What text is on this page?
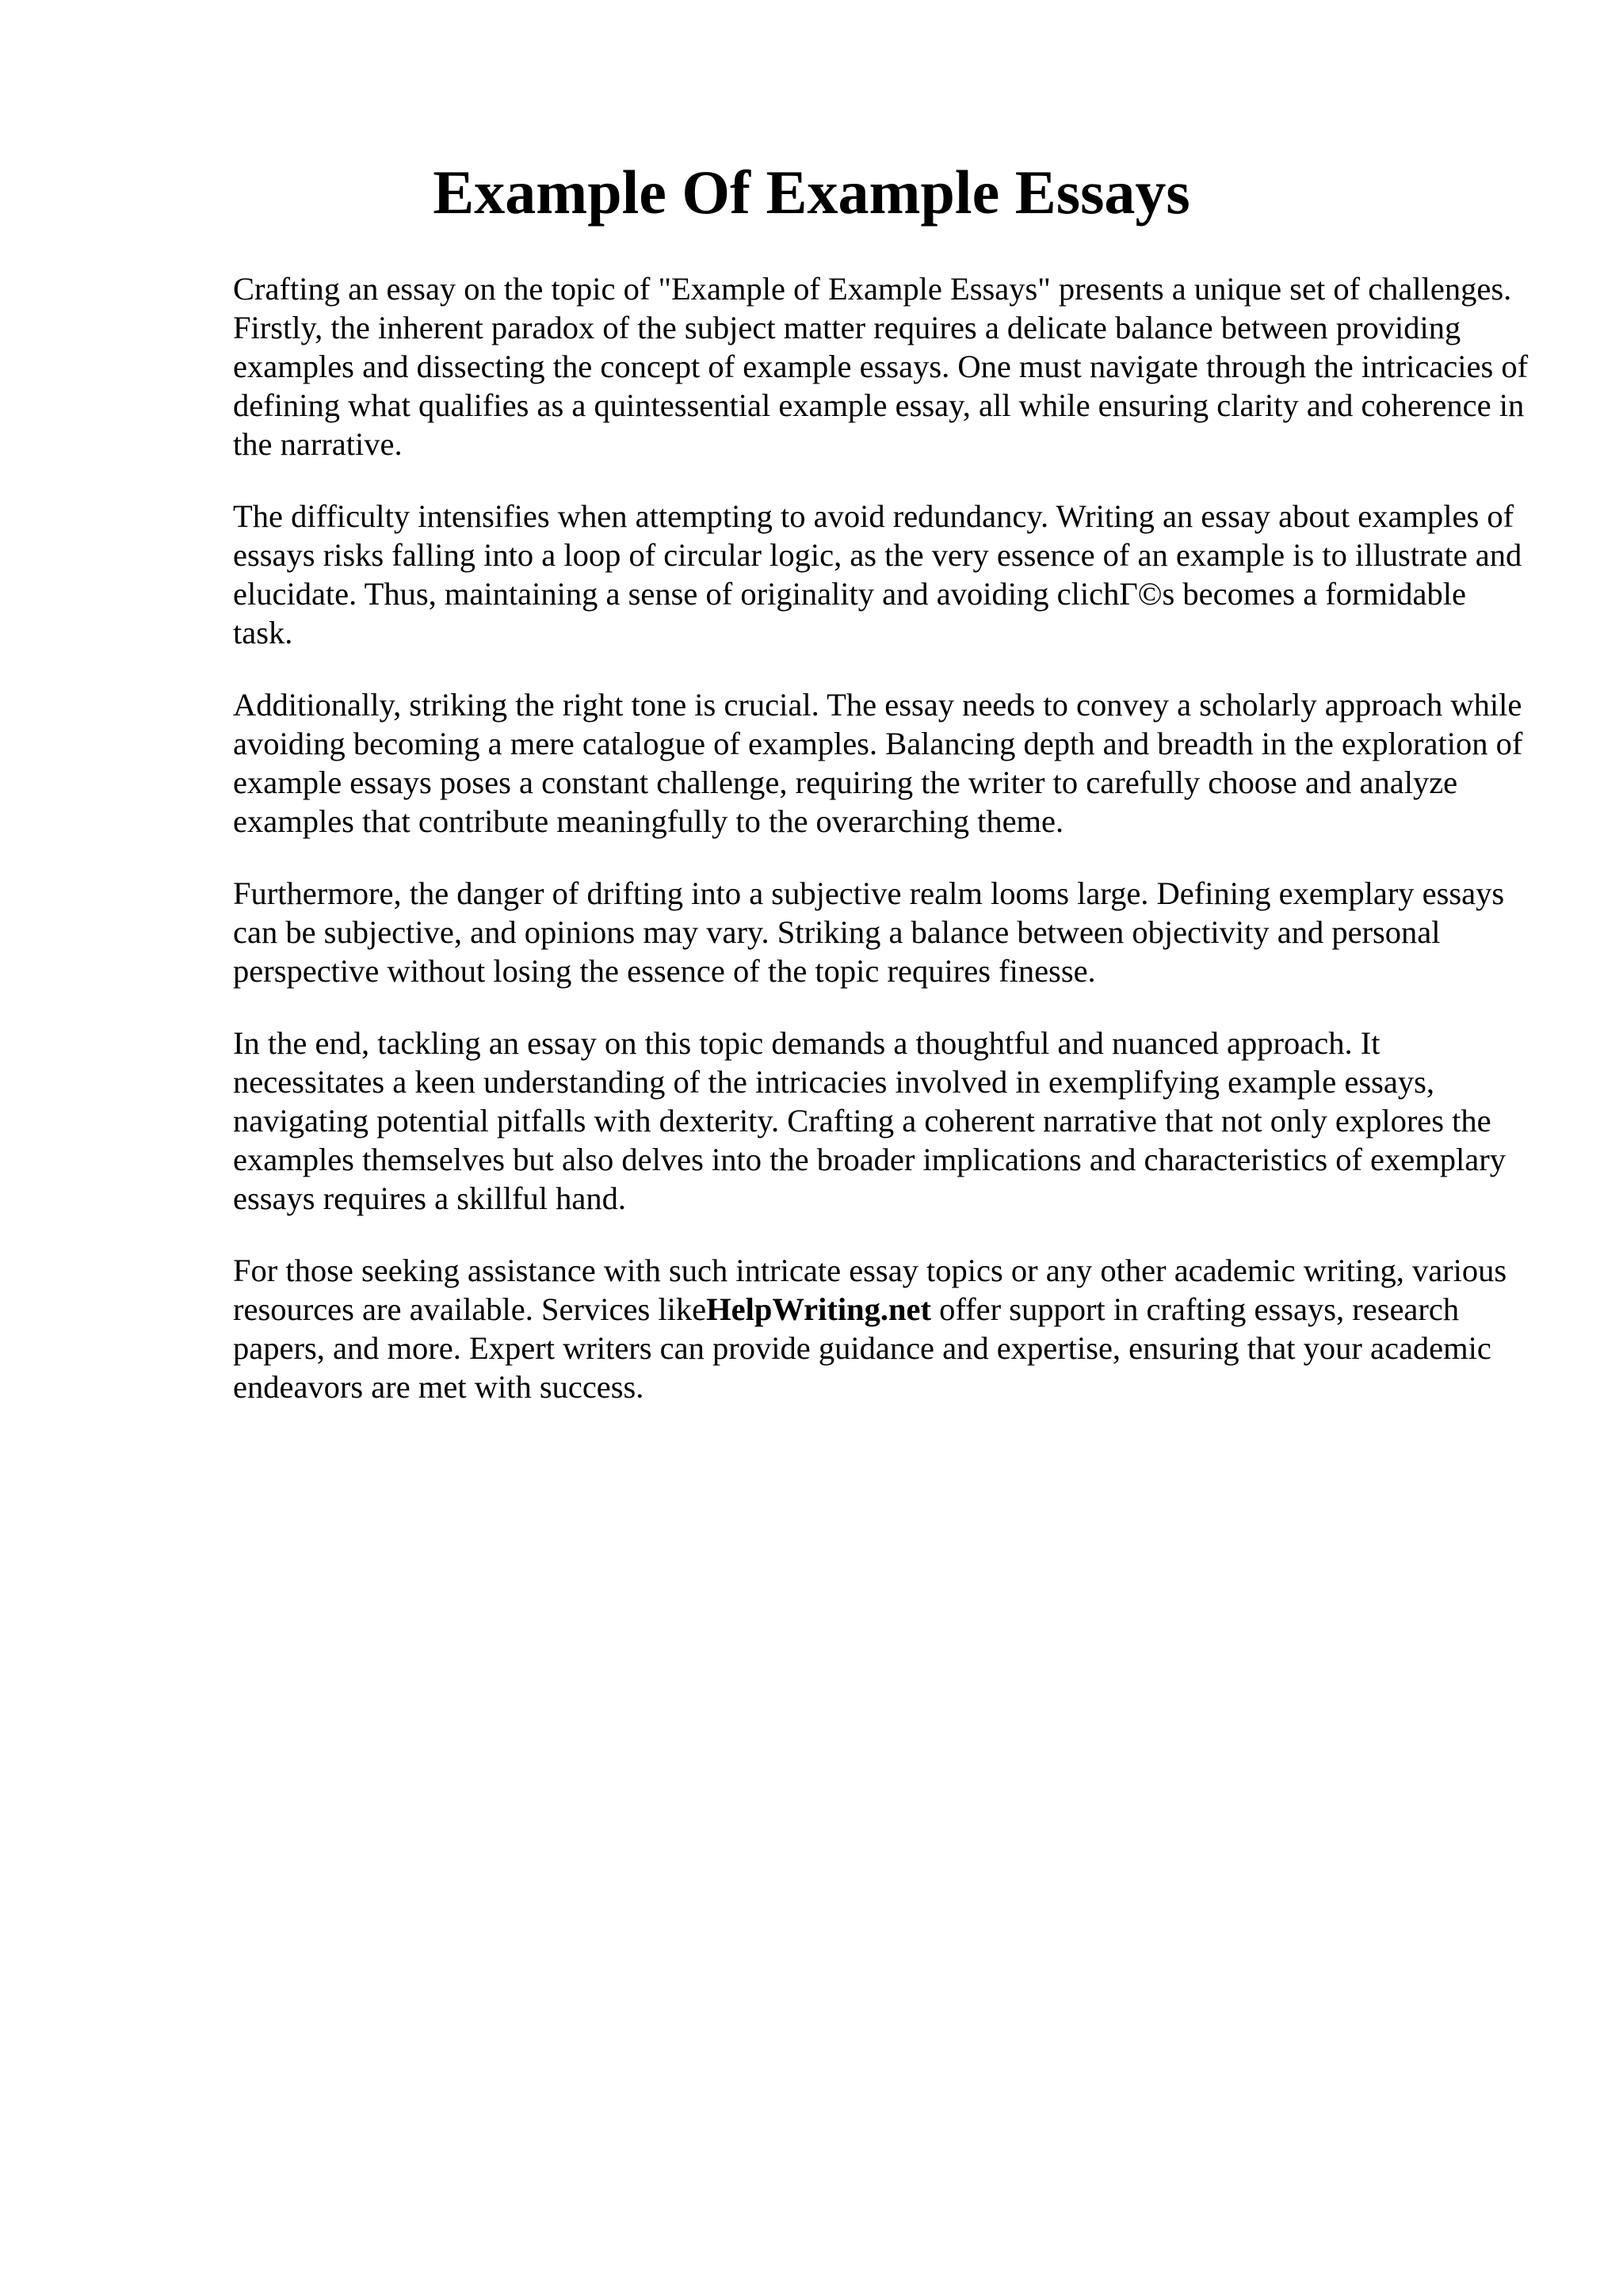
Example Of Example Essays

Crafting an essay on the topic of "Example of Example Essays" presents a unique set of challenges. Firstly, the inherent paradox of the subject matter requires a delicate balance between providing examples and dissecting the concept of example essays. One must navigate through the intricacies of defining what qualifies as a quintessential example essay, all while ensuring clarity and coherence in the narrative.

The difficulty intensifies when attempting to avoid redundancy. Writing an essay about examples of essays risks falling into a loop of circular logic, as the very essence of an example is to illustrate and elucidate. Thus, maintaining a sense of originality and avoiding clichΓ©s becomes a formidable task.

Additionally, striking the right tone is crucial. The essay needs to convey a scholarly approach while avoiding becoming a mere catalogue of examples. Balancing depth and breadth in the exploration of example essays poses a constant challenge, requiring the writer to carefully choose and analyze examples that contribute meaningfully to the overarching theme.

Furthermore, the danger of drifting into a subjective realm looms large. Defining exemplary essays can be subjective, and opinions may vary. Striking a balance between objectivity and personal perspective without losing the essence of the topic requires finesse.

In the end, tackling an essay on this topic demands a thoughtful and nuanced approach. It necessitates a keen understanding of the intricacies involved in exemplifying example essays, navigating potential pitfalls with dexterity. Crafting a coherent narrative that not only explores the examples themselves but also delves into the broader implications and characteristics of exemplary essays requires a skillful hand.

For those seeking assistance with such intricate essay topics or any other academic writing, various resources are available. Services likeHelpWriting.net offer support in crafting essays, research papers, and more. Expert writers can provide guidance and expertise, ensuring that your academic endeavors are met with success.
